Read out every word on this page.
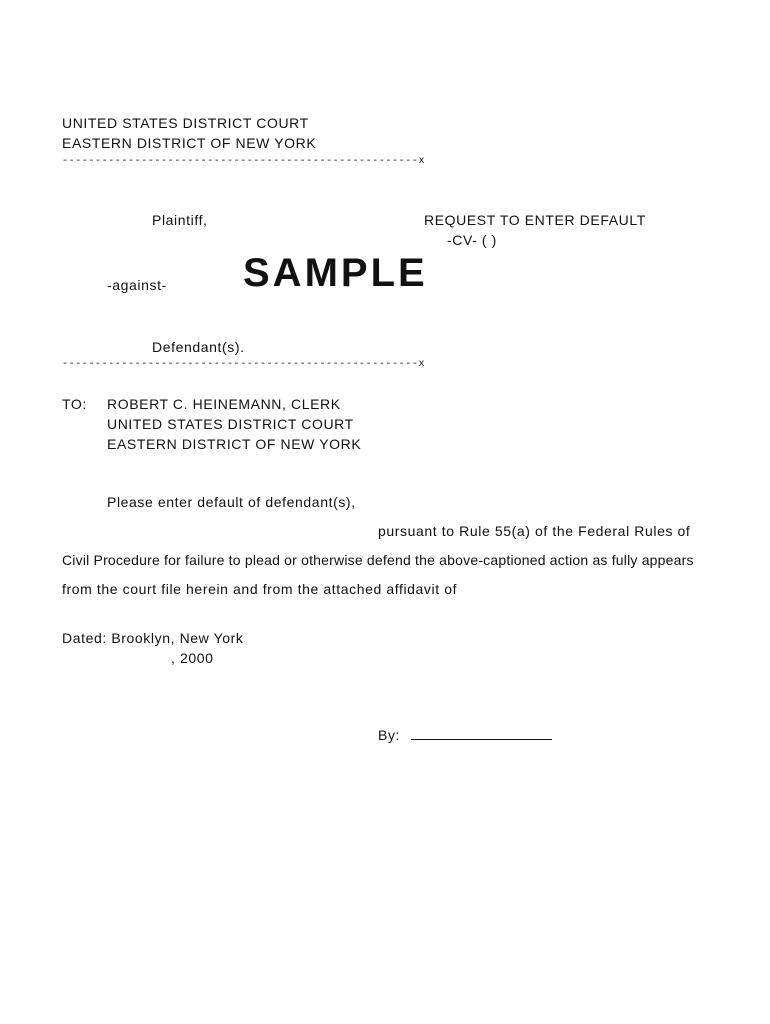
UNITED STATES DISTRICT COURT
EASTERN DISTRICT OF NEW YORK
------------------------------------------------------x
Plaintiff,	REQUEST TO ENTER DEFAULT
-CV- ( )
-against- SAMPLE
Defendant(s).
------------------------------------------------------x
TO: ROBERT C. HEINEMANN, CLERK
UNITED STATES DISTRICT COURT
EASTERN DISTRICT OF NEW YORK
Please enter default of defendant(s),
pursuant to Rule 55(a) of the Federal Rules of
Civil Procedure for failure to plead or otherwise defend the above-captioned action as fully appears
from the court file herein and from the attached affidavit of
Dated: Brooklyn, New York
, 2000
By:
